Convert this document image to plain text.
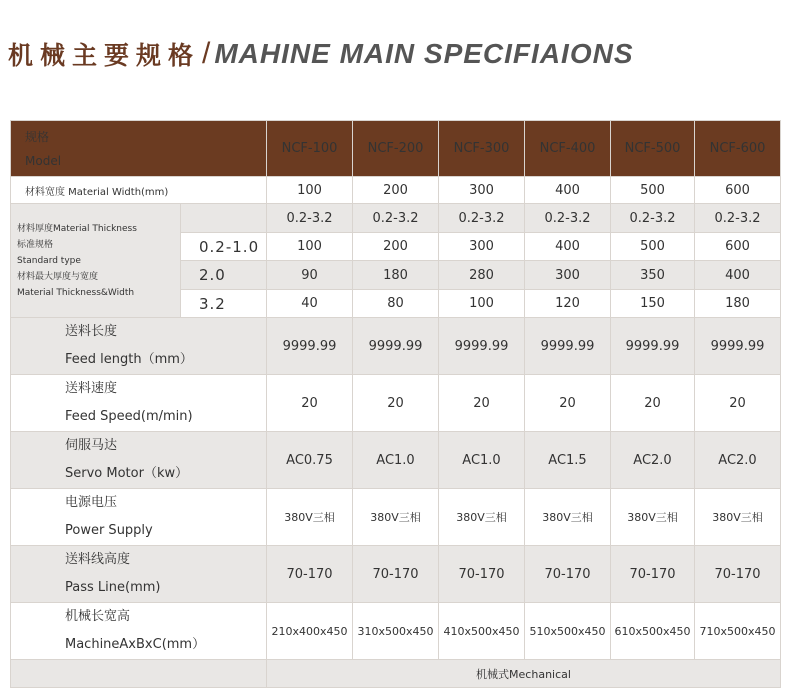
机械主要规格 / MAHINE MAIN SPECIFIAIONS
规格
Model		NCF-100	NCF-200	NCF-300	NCF-400	NCF-500	NCF-600
材料宽度 Material Width(mm)		100	200	300	400	500	600

材料厚度Material Thickness
标准规格
Standard type
材料最大厚度与宽度
Material Thickness&Width		0.2-3.2	0.2-3.2	0.2-3.2	0.2-3.2	0.2-3.2	0.2-3.2
	0.2-1.0	100	200	300	400	500	600
	2.0	90	180	280	300	350	400
	3.2	40	80	100	120	150	180

送料长度
Feed length（mm）		9999.99	9999.99	9999.99	9999.99	9999.99	9999.99

送料速度
Feed Speed(m/min)		20	20	20	20	20	20

伺服马达
Servo Motor（kw）		AC0.75	AC1.0	AC1.0	AC1.5	AC2.0	AC2.0

电源电压
Power Supply		380V三相	380V三相	380V三相	380V三相	380V三相	380V三相

送料线高度
Pass Line(mm)		70-170	70-170	70-170	70-170	70-170	70-170

机械长宽高
MachineAxBxC(mm）		210x400x450	310x500x450	410x500x450	510x500x450	610x500x450	710x500x450
		机械式Mechanical					
